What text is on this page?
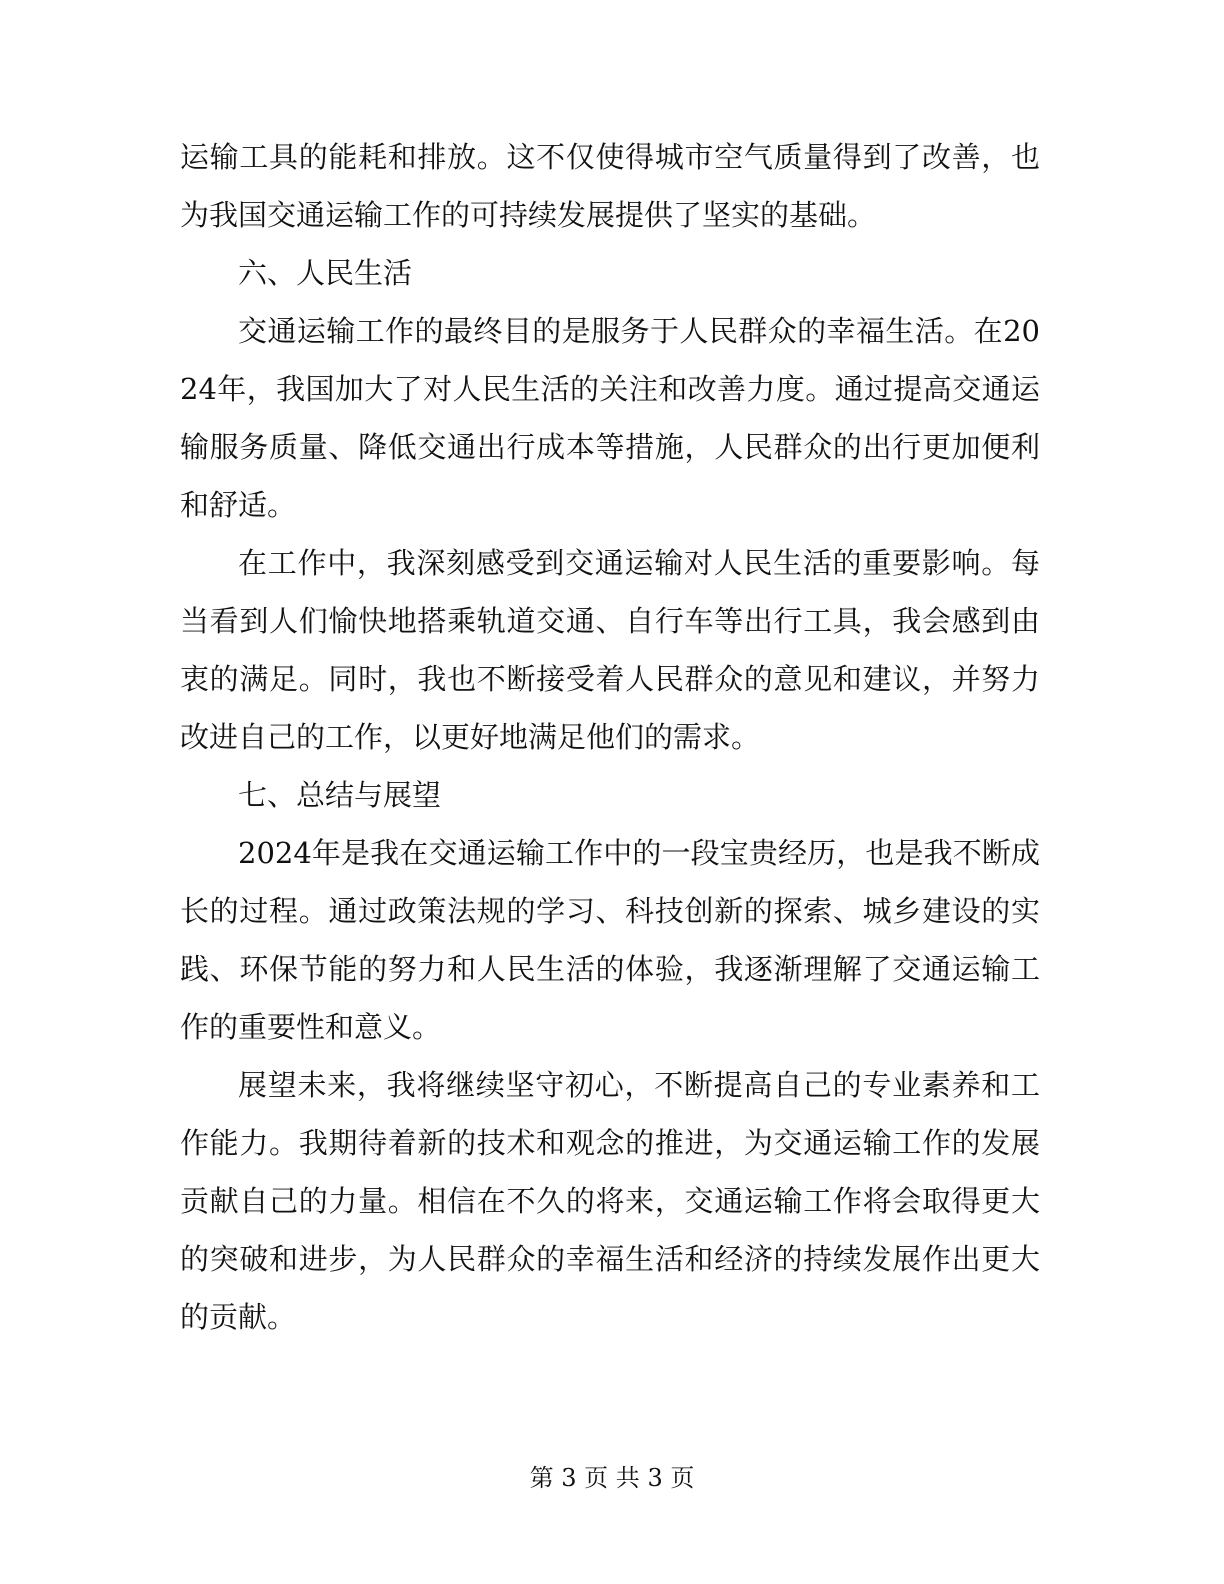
运输工具的能耗和排放。这不仅使得城市空气质量得到了改善，也为我国交通运输工作的可持续发展提供了坚实的基础。

六、人民生活

交通运输工作的最终目的是服务于人民群众的幸福生活。在2024年，我国加大了对人民生活的关注和改善力度。通过提高交通运输服务质量、降低交通出行成本等措施，人民群众的出行更加便利和舒适。

在工作中，我深刻感受到交通运输对人民生活的重要影响。每当看到人们愉快地搭乘轨道交通、自行车等出行工具，我会感到由衷的满足。同时，我也不断接受着人民群众的意见和建议，并努力改进自己的工作，以更好地满足他们的需求。

七、总结与展望

2024年是我在交通运输工作中的一段宝贵经历，也是我不断成长的过程。通过政策法规的学习、科技创新的探索、城乡建设的实践、环保节能的努力和人民生活的体验，我逐渐理解了交通运输工作的重要性和意义。

展望未来，我将继续坚守初心，不断提高自己的专业素养和工作能力。我期待着新的技术和观念的推进，为交通运输工作的发展贡献自己的力量。相信在不久的将来，交通运输工作将会取得更大的突破和进步，为人民群众的幸福生活和经济的持续发展作出更大的贡献。

第 3 页 共 3 页
